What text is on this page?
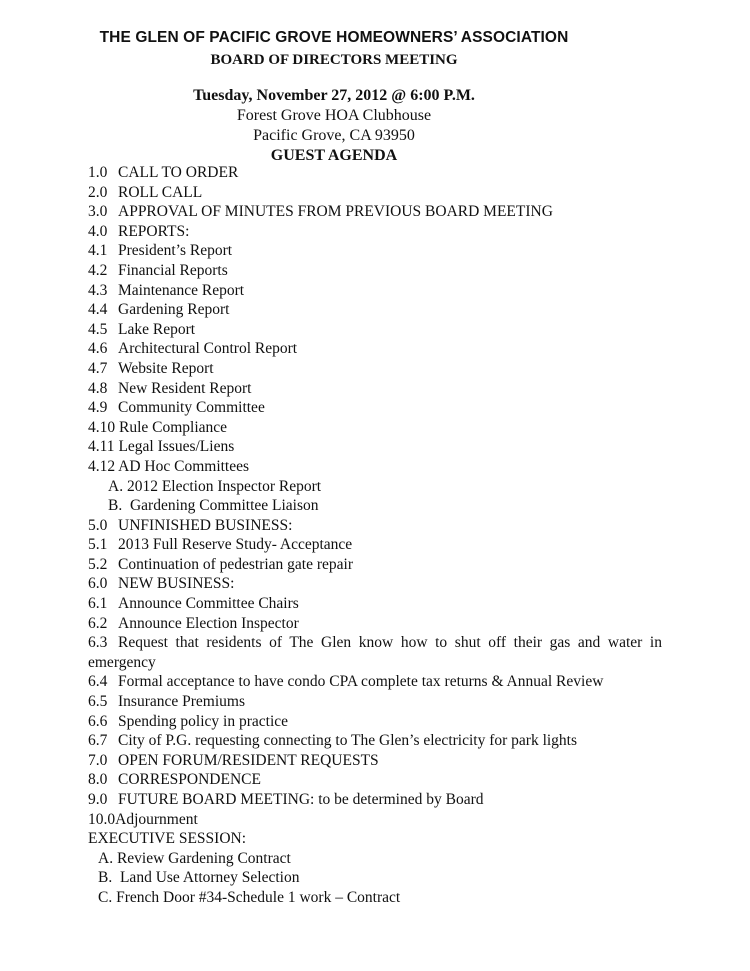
THE GLEN OF PACIFIC GROVE HOMEOWNERS’ ASSOCIATION
BOARD OF DIRECTORS MEETING
Tuesday, November 27, 2012 @ 6:00 P.M.
Forest Grove HOA Clubhouse
Pacific Grove, CA 93950
GUEST AGENDA
1.0 CALL TO ORDER
2.0 ROLL CALL
3.0 APPROVAL OF MINUTES FROM PREVIOUS BOARD MEETING
4.0 REPORTS:
4.1 President’s Report
4.2 Financial Reports
4.3 Maintenance Report
4.4 Gardening Report
4.5 Lake Report
4.6 Architectural Control Report
4.7 Website Report
4.8 New Resident Report
4.9 Community Committee
4.10 Rule Compliance
4.11 Legal Issues/Liens
4.12 AD Hoc Committees
A. 2012 Election Inspector Report
B. Gardening Committee Liaison
5.0 UNFINISHED BUSINESS:
5.1 2013 Full Reserve Study- Acceptance
5.2 Continuation of pedestrian gate repair
6.0 NEW BUSINESS:
6.1 Announce Committee Chairs
6.2 Announce Election Inspector
6.3 Request that residents of The Glen know how to shut off their gas and water in emergency
6.4 Formal acceptance to have condo CPA complete tax returns & Annual Review
6.5 Insurance Premiums
6.6 Spending policy in practice
6.7 City of P.G. requesting connecting to The Glen’s electricity for park lights
7.0 OPEN FORUM/RESIDENT REQUESTS
8.0 CORRESPONDENCE
9.0 FUTURE BOARD MEETING: to be determined by Board
10.0Adjournment
EXECUTIVE SESSION:
A. Review Gardening Contract
B. Land Use Attorney Selection
C. French Door #34-Schedule 1 work – Contract
